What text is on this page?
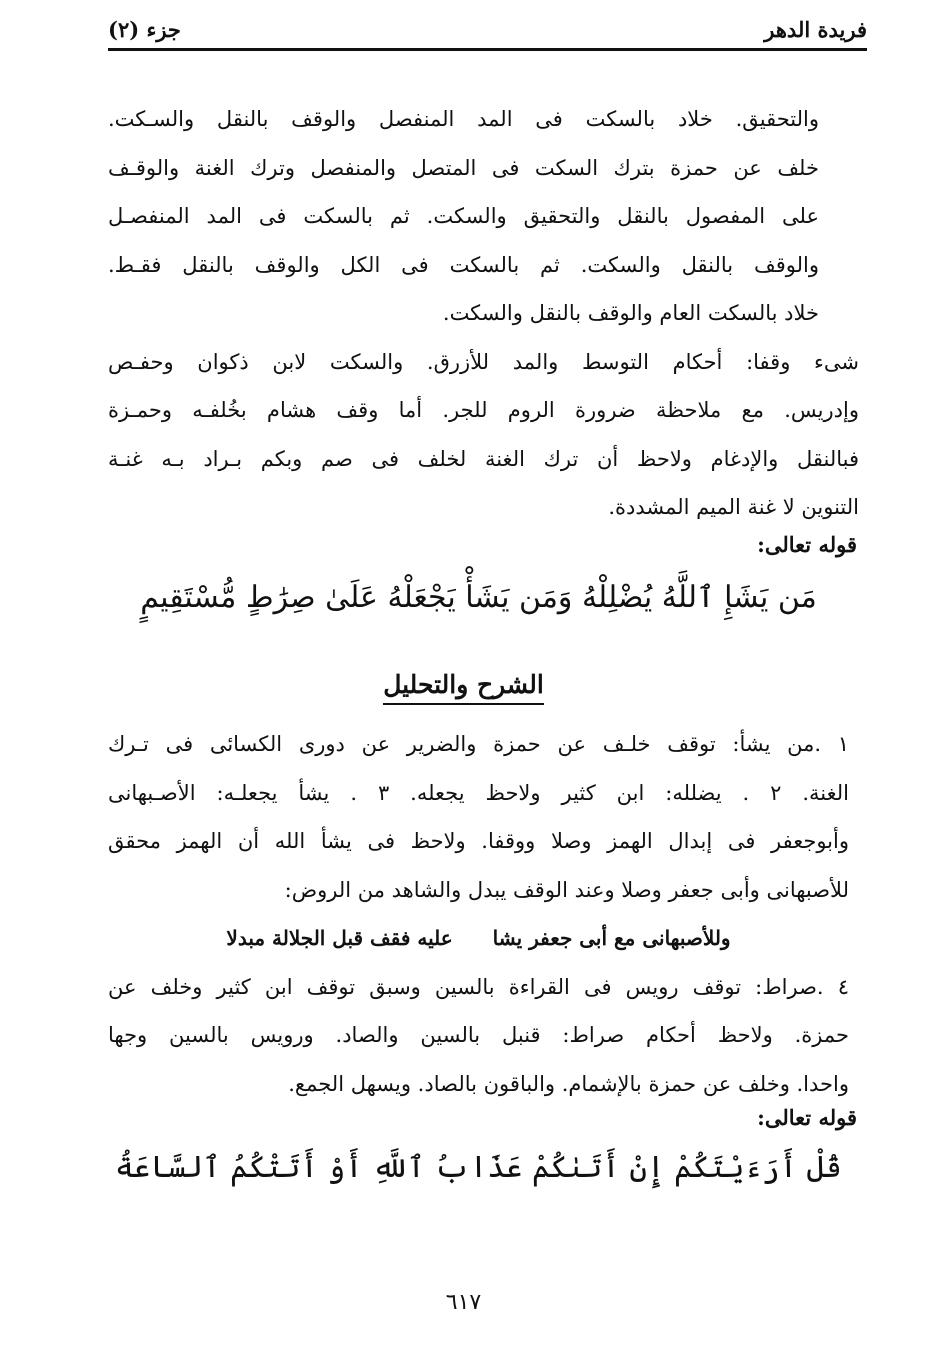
فريدة الدهر
جزء (٢)
والتحقيق. خلاد بالسكت فى المد المنفصل والوقف بالنقل والسـكت.
خلف عن حمزة بترك السكت فى المتصل والمنفصل وترك الغنة والوقـف
على المفصول بالنقل والتحقيق والسكت. ثم بالسكت فى المد المنفصـل
والوقف بالنقل والسكت. ثم بالسكت فى الكل والوقف بالنقل فقـط.
خلاد بالسكت العام والوقف بالنقل والسكت.
شىء وقفا: أحكام التوسط والمد للأزرق. والسكت لابن ذكوان وحفـص
وإدريس. مع ملاحظة ضرورة الروم للجر. أما وقف هشام بخُلفـه وحمـزة
فبالنقل والإدغام ولاحظ أن ترك الغنة لخلف فى صم وبكم بـراد بـه غنـة
التنوين لا غنة الميم المشددة.
قوله تعالى:
مَن يَشَإِ ٱللَّهُ يُضْلِلْهُ وَمَن يَشَأْ يَجْعَلْهُ عَلَىٰ صِرَٰطٍ مُّسْتَقِيمٍ
الشرح والتحليل
١ .من يشأ: توقف خلـف عن حمزة والضرير عن دورى الكسائى فى تـرك
الغنة. ٢ . يضلله: ابن كثير ولاحظ يجعله. ٣ . يشأ يجعلـه: الأصـبهانى
وأبوجعفر فى إبدال الهمز وصلا ووقفا. ولاحظ فى يشأ الله أن الهمز محقق
للأصبهانى وأبى جعفر وصلا وعند الوقف يبدل والشاهد من الروض:
وللأصبهانى مع أبى جعفر يشا
عليه فقف قبل الجلالة مبدلا
٤ .صراط: توقف رويس فى القراءة بالسين وسبق توقف ابن كثير وخلف عن
حمزة. ولاحظ أحكام صراط: قنبل بالسين والصاد. ورويس بالسين وجها
واحدا. وخلف عن حمزة بالإشمام. والباقون بالصاد. ويسهل الجمع.
قوله تعالى:
قُلْ أَرَءَيْتَكُمْ إِنْ أَتَىٰكُمْ عَذَابُ ٱللَّهِ أَوْ أَتَتْكُمُ ٱلسَّاعَةُ
٦١٧
